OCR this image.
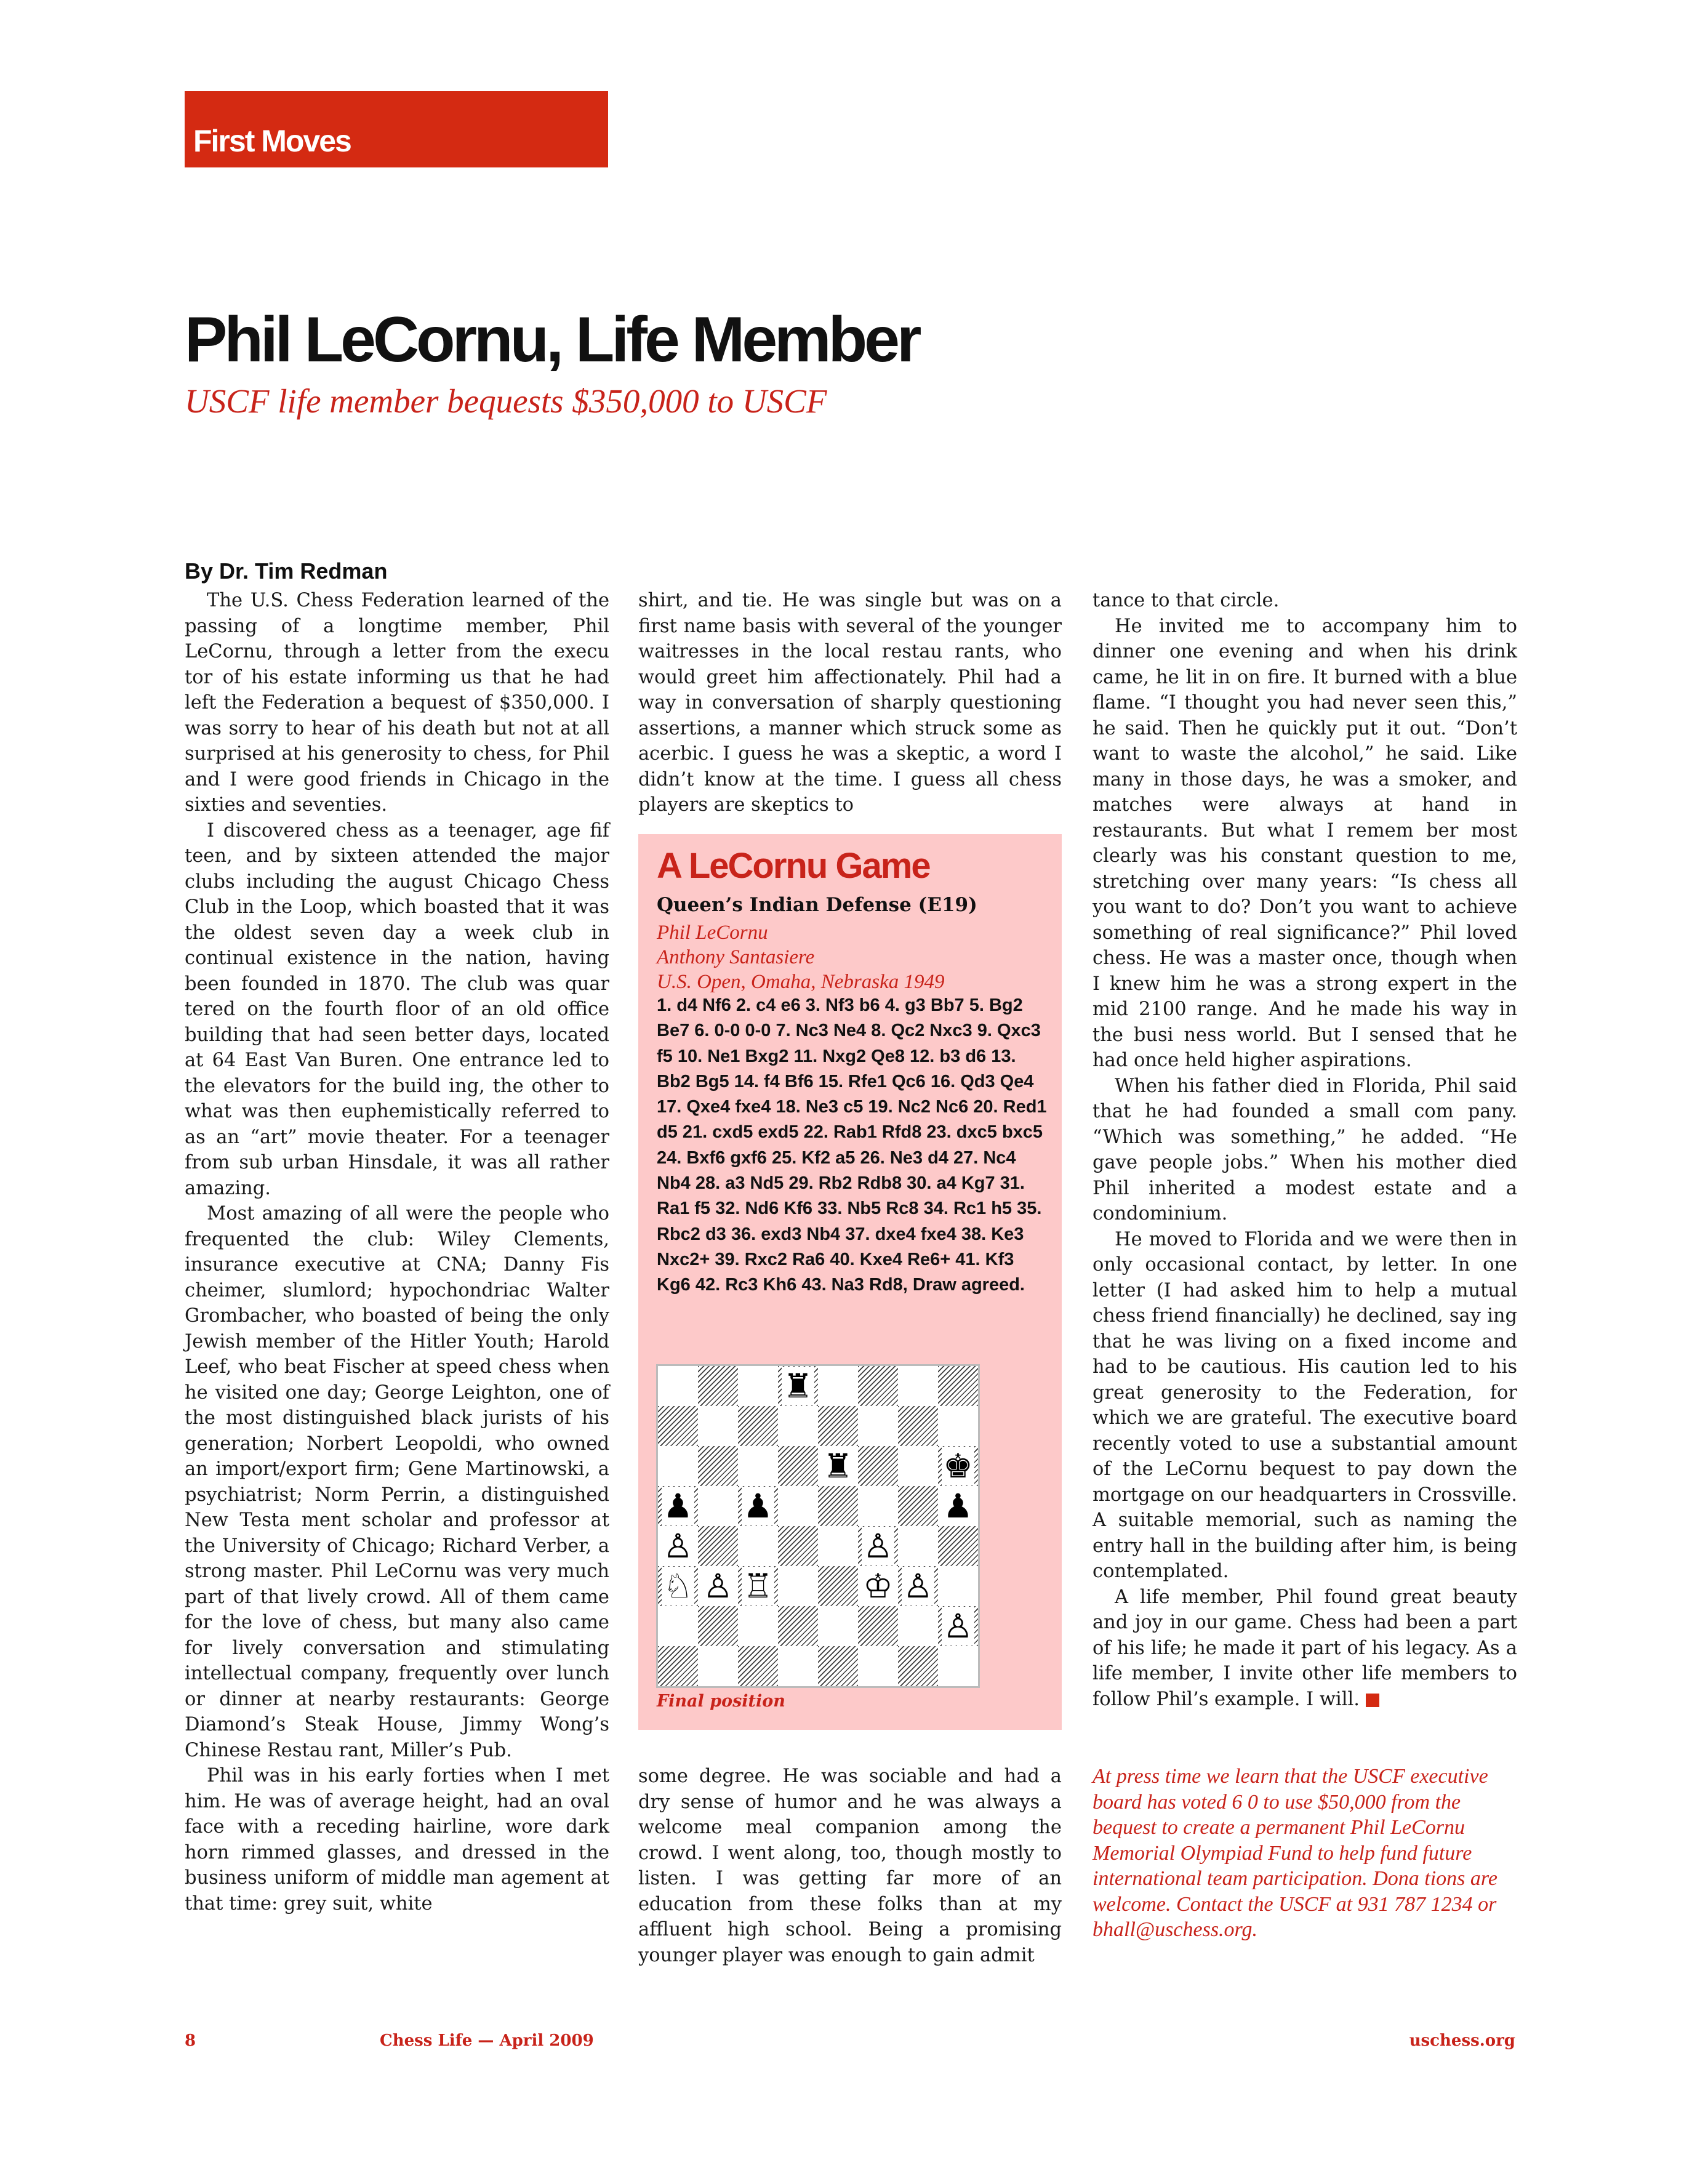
First Moves
Phil LeCornu, Life Member
USCF life member bequests $350,000 to USCF
By Dr. Tim Redman

The U.S. Chess Federation learned of the passing of a longtime member, Phil LeCornu, through a letter from the execu tor of his estate informing us that he had left the Federation a bequest of $350,000. I was sorry to hear of his death but not at all surprised at his generosity to chess, for Phil and I were good friends in Chicago in the sixties and seventies.

I discovered chess as a teenager, age fif teen, and by sixteen attended the major clubs including the august Chicago Chess Club in the Loop, which boasted that it was the oldest seven day a week club in continual existence in the nation, having been founded in 1870. The club was quar tered on the fourth floor of an old office building that had seen better days, located at 64 East Van Buren. One entrance led to the elevators for the build ing, the other to what was then euphemistically referred to as an “art” movie theater. For a teenager from sub urban Hinsdale, it was all rather amazing.

Most amazing of all were the people who frequented the club: Wiley Clements, insurance executive at CNA; Danny Fis cheimer, slumlord; hypochondriac Walter Grombacher, who boasted of being the only Jewish member of the Hitler Youth; Harold Leef, who beat Fischer at speed chess when he visited one day; George Leighton, one of the most distinguished black jurists of his generation; Norbert Leopoldi, who owned an import/export firm; Gene Martinowski, a psychiatrist; Norm Perrin, a distinguished New Testa ment scholar and professor at the University of Chicago; Richard Verber, a strong master. Phil LeCornu was very much part of that lively crowd. All of them came for the love of chess, but many also came for lively conversation and stimulating intellectual company, frequently over lunch or dinner at nearby restaurants: George Diamond’s Steak House, Jimmy Wong’s Chinese Restau rant, Miller’s Pub.

Phil was in his early forties when I met him. He was of average height, had an oval face with a receding hairline, wore dark horn rimmed glasses, and dressed in the business uniform of middle man agement at that time: grey suit, white

shirt, and tie. He was single but was on a first name basis with several of the younger waitresses in the local restau rants, who would greet him affectionately. Phil had a way in conversation of sharply questioning assertions, a manner which struck some as acerbic. I guess he was a skeptic, a word I didn’t know at the time. I guess all chess players are skeptics to

A LeCornu Game
Queen’s Indian Defense (E19)
Phil LeCornu
Anthony Santasiere
U.S. Open, Omaha, Nebraska 1949
1. d4 Nf6 2. c4 e6 3. Nf3 b6 4. g3 Bb7 5. Bg2 Be7 6. 0-0 0-0 7. Nc3 Ne4 8. Qc2 Nxc3 9. Qxc3 f5 10. Ne1 Bxg2 11. Nxg2 Qe8 12. b3 d6 13. Bb2 Bg5 14. f4 Bf6 15. Rfe1 Qc6 16. Qd3 Qe4 17. Qxe4 fxe4 18. Ne3 c5 19. Nc2 Nc6 20. Red1 d5 21. cxd5 exd5 22. Rab1 Rfd8 23. dxc5 bxc5 24. Bxf6 gxf6 25. Kf2 a5 26. Ne3 d4 27. Nc4 Nb4 28. a3 Nd5 29. Rb2 Rdb8 30. a4 Kg7 31. Ra1 f5 32. Nd6 Kf6 33. Nb5 Rc8 34. Rc1 h5 35. Rbc2 d3 36. exd3 Nb4 37. dxe4 fxe4 38. Ke3 Nxc2+ 39. Rxc2 Ra6 40. Kxe4 Re6+ 41. Kf3 Kg6 42. Rc3 Kh6 43. Na3 Rd8, Draw agreed.
♜
♜	♚
♟ ♟	♟
♙	♙
♘ ♙ ♖	♔ ♙
♙
Final position

some degree. He was sociable and had a dry sense of humor and he was always a welcome meal companion among the crowd. I went along, too, though mostly to listen. I was getting far more of an education from these folks than at my affluent high school. Being a promising younger player was enough to gain admit

tance to that circle.

He invited me to accompany him to dinner one evening and when his drink came, he lit in on fire. It burned with a blue flame. “I thought you had never seen this,” he said. Then he quickly put it out. “Don’t want to waste the alcohol,” he said. Like many in those days, he was a smoker, and matches were always at hand in restaurants. But what I remem ber most clearly was his constant question to me, stretching over many years: “Is chess all you want to do? Don’t you want to achieve something of real significance?” Phil loved chess. He was a master once, though when I knew him he was a strong expert in the mid 2100 range. And he made his way in the busi ness world. But I sensed that he had once held higher aspirations.

When his father died in Florida, Phil said that he had founded a small com pany. “Which was something,” he added. “He gave people jobs.” When his mother died Phil inherited a modest estate and a condominium.

He moved to Florida and we were then in only occasional contact, by letter. In one letter (I had asked him to help a mutual chess friend financially) he declined, say ing that he was living on a fixed income and had to be cautious. His caution led to his great generosity to the Federation, for which we are grateful. The executive board recently voted to use a substantial amount of the LeCornu bequest to pay down the mortgage on our headquarters in Crossville. A suitable memorial, such as naming the entry hall in the building after him, is being contemplated.

A life member, Phil found great beauty and joy in our game. Chess had been a part of his life; he made it part of his legacy. As a life member, I invite other life members to follow Phil’s example. I will.

At press time we learn that the USCF executive board has voted 6 0 to use $50,000 from the bequest to create a permanent Phil LeCornu Memorial Olympiad Fund to help fund future international team participation. Dona tions are welcome. Contact the USCF at 931 787 1234 or bhall@uschess.org.
8	Chess Life — April 2009	uschess.org
